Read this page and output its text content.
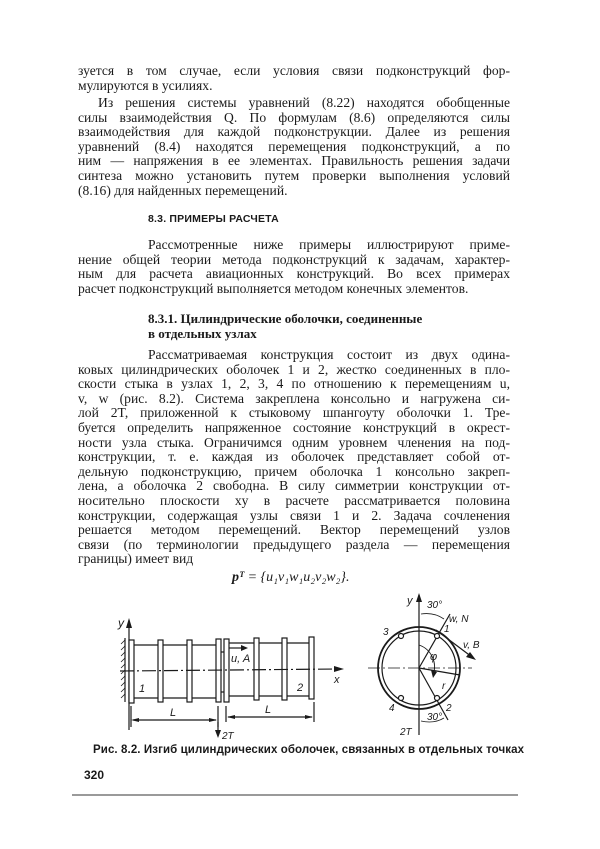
зуется в том случае, если условия связи подконструкций фор-
мулируются в усилиях.
Из решения системы уравнений (8.22) находятся обобщенные
силы взаимодействия Q. По формулам (8.6) определяются силы
взаимодействия для каждой подконструкции. Далее из решения
уравнений (8.4) находятся перемещения подконструкций, а по
ним — напряжения в ее элементах. Правильность решения задачи
синтеза можно установить путем проверки выполнения условий
(8.16) для найденных перемещений.
8.3. ПРИМЕРЫ РАСЧЕТА
Рассмотренные ниже примеры иллюстрируют приме-
нение общей теории метода подконструкций к задачам, характер-
ным для расчета авиационных конструкций. Во всех примерах
расчет подконструкций выполняется методом конечных элементов.
8.3.1. Цилиндрические оболочки, соединенные
в отдельных узлах
Рассматриваемая конструкция состоит из двух одина-
ковых цилиндрических оболочек 1 и 2, жестко соединенных в пло-
скости стыка в узлах 1, 2, 3, 4 по отношению к перемещениям u,
v, w (рис. 8.2). Система закреплена консольно и нагружена си-
лой 2T, приложенной к стыковому шпангоуту оболочки 1. Тре-
буется определить напряженное состояние конструкций в окрест-
ности узла стыка. Ограничимся одним уровнем членения на под-
конструкции, т. е. каждая из оболочек представляет собой от-
дельную подконструкцию, причем оболочка 1 консольно закреп-
лена, а оболочка 2 свободна. В силу симметрии конструкции от-
носительно плоскости xy в расчете рассматривается половина
конструкции, содержащая узлы связи 1 и 2. Задача сочленения
решается методом перемещений. Вектор перемещений узлов
связи (по терминологии предыдущего раздела — перемещения
границы) имеет вид
pᵀ = {u₁v₁w₁u₂v₂w₂}.
y
x
1	2
u, A
L	L
2T
y 30°
w, N
v, B
φ
r
30°
2T
1
2
3
4
Рис. 8.2. Изгиб цилиндрических оболочек, связанных в отдельных точках
320
